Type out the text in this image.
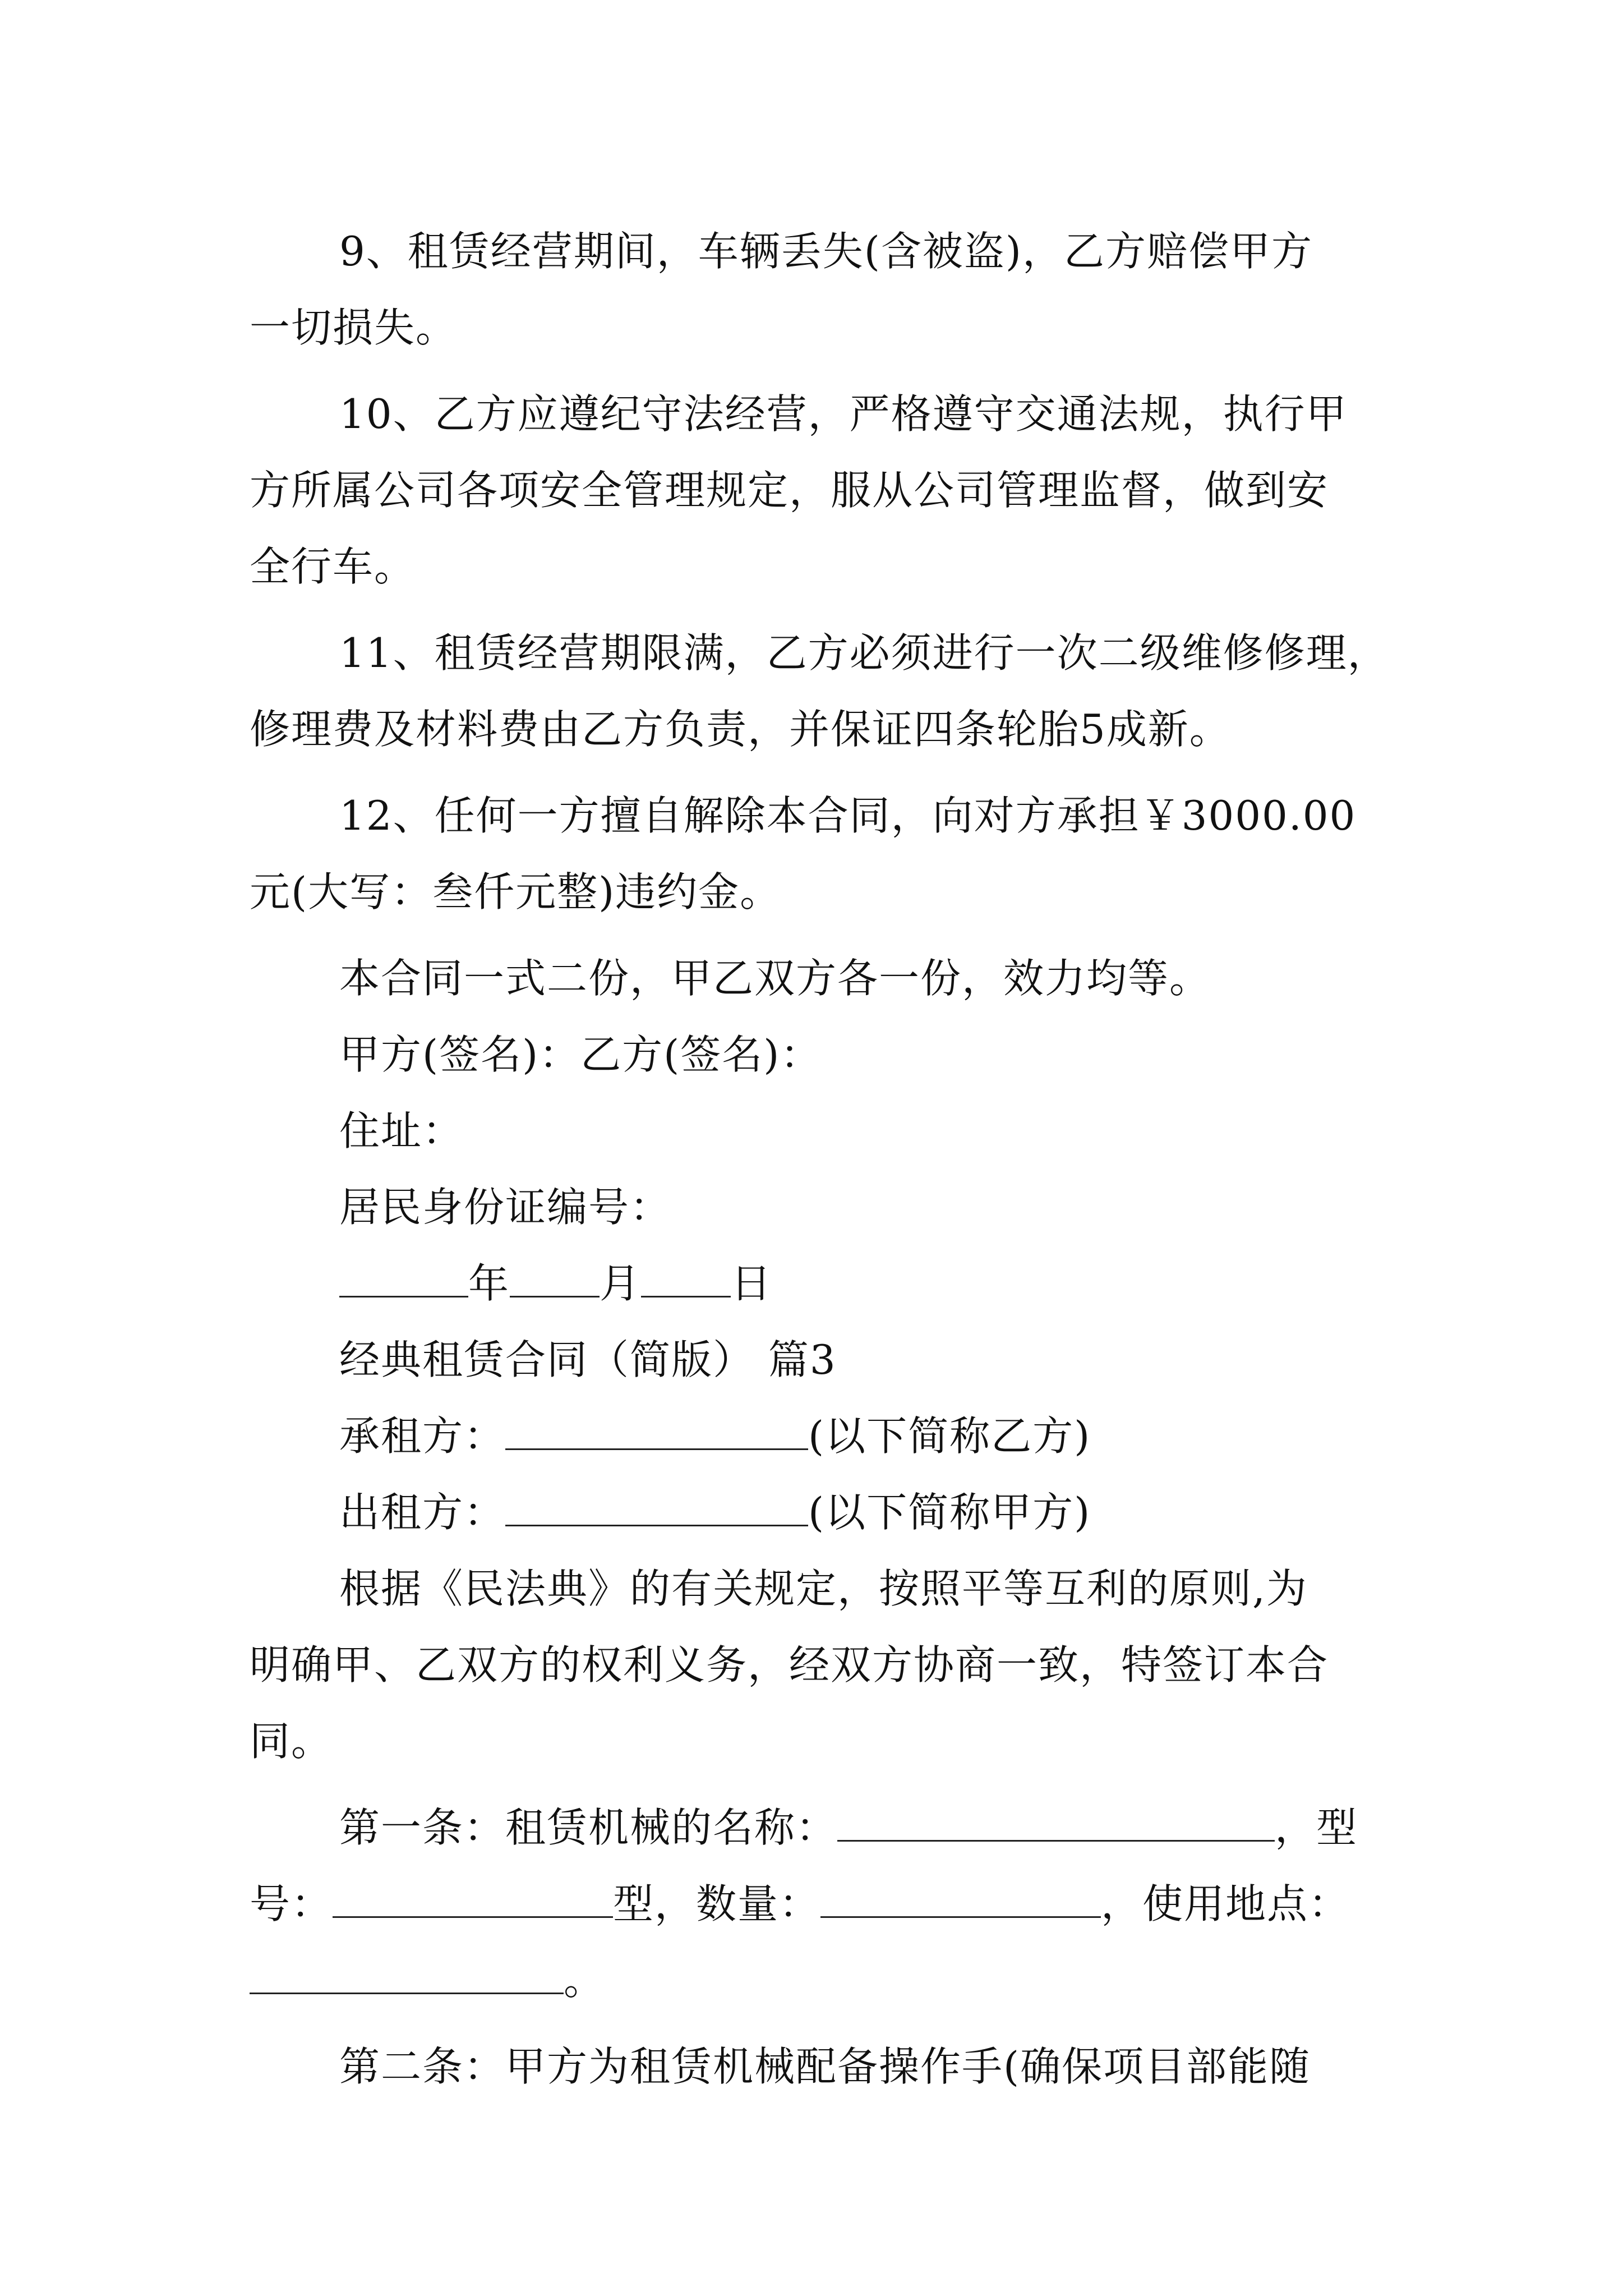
9、租赁经营期间，车辆丢失(含被盗)，乙方赔偿甲方
一切损失。
10、乙方应遵纪守法经营，严格遵守交通法规，执行甲
方所属公司各项安全管理规定，服从公司管理监督，做到安
全行车。
11、租赁经营期限满，乙方必须进行一次二级维修修理，
修理费及材料费由乙方负责，并保证四条轮胎5成新。
12、任何一方擅自解除本合同，向对方承担￥3000.00
元(大写：叁仟元整)违约金。
本合同一式二份，甲乙双方各一份，效力均等。
甲方(签名)：乙方(签名)：
住址：
居民身份证编号：
年 月 日
经典租赁合同（简版） 篇3
承租方：	(以下简称乙方)
出租方：	(以下简称甲方)
根据《民法典》的有关规定，按照平等互利的原则,为
明确甲、乙双方的权利义务，经双方协商一致，特签订本合
同。
第一条：租赁机械的名称：	，型
号：	型，数量：	，使用地点：
。
第二条：甲方为租赁机械配备操作手(确保项目部能随
